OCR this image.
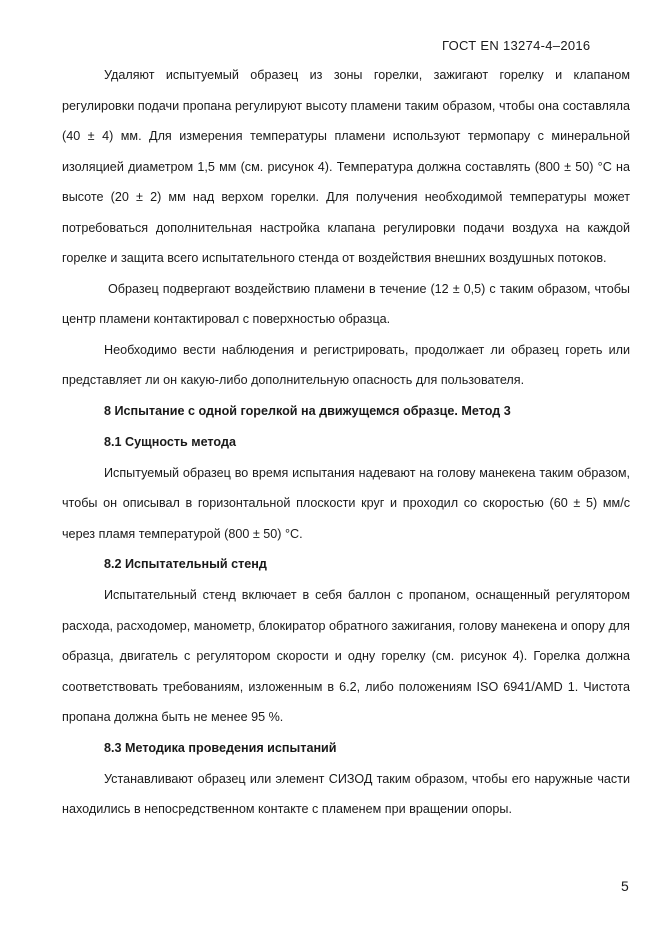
ГОСТ EN 13274-4–2016

Удаляют испытуемый образец из зоны горелки, зажигают горелку и клапаном регулировки подачи пропана регулируют высоту пламени таким образом, чтобы она составляла (40 ± 4) мм. Для измерения температуры пламени используют термопару с минеральной изоляцией диаметром 1,5 мм (см. рисунок 4). Температура должна составлять (800 ± 50) °С на высоте (20 ± 2) мм над верхом горелки. Для получения необходимой температуры может потребоваться дополнительная настройка клапана регулировки подачи воздуха на каждой горелке и защита всего испытательного стенда от воздействия внешних воздушных потоков.

Образец подвергают воздействию пламени в течение (12 ± 0,5) с таким образом, чтобы центр пламени контактировал с поверхностью образца.

Необходимо вести наблюдения и регистрировать, продолжает ли образец гореть или представляет ли он какую-либо дополнительную опасность для пользователя.

8 Испытание с одной горелкой на движущемся образце. Метод 3
8.1 Сущность метода

Испытуемый образец во время испытания надевают на голову манекена таким образом, чтобы он описывал в горизонтальной плоскости круг и проходил со скоростью (60 ± 5) мм/с через пламя температурой (800 ± 50) °С.

8.2 Испытательный стенд

Испытательный стенд включает в себя баллон с пропаном, оснащенный регулятором расхода, расходомер, манометр, блокиратор обратного зажигания, голову манекена и опору для образца, двигатель с регулятором скорости и одну горелку (см. рисунок 4). Горелка должна соответствовать требованиям, изложенным в 6.2, либо положениям ISO 6941/AMD 1. Чистота пропана должна быть не менее 95 %.

8.3 Методика проведения испытаний

Устанавливают образец или элемент СИЗОД таким образом, чтобы его наружные части находились в непосредственном контакте с пламенем при вращении опоры.

5
